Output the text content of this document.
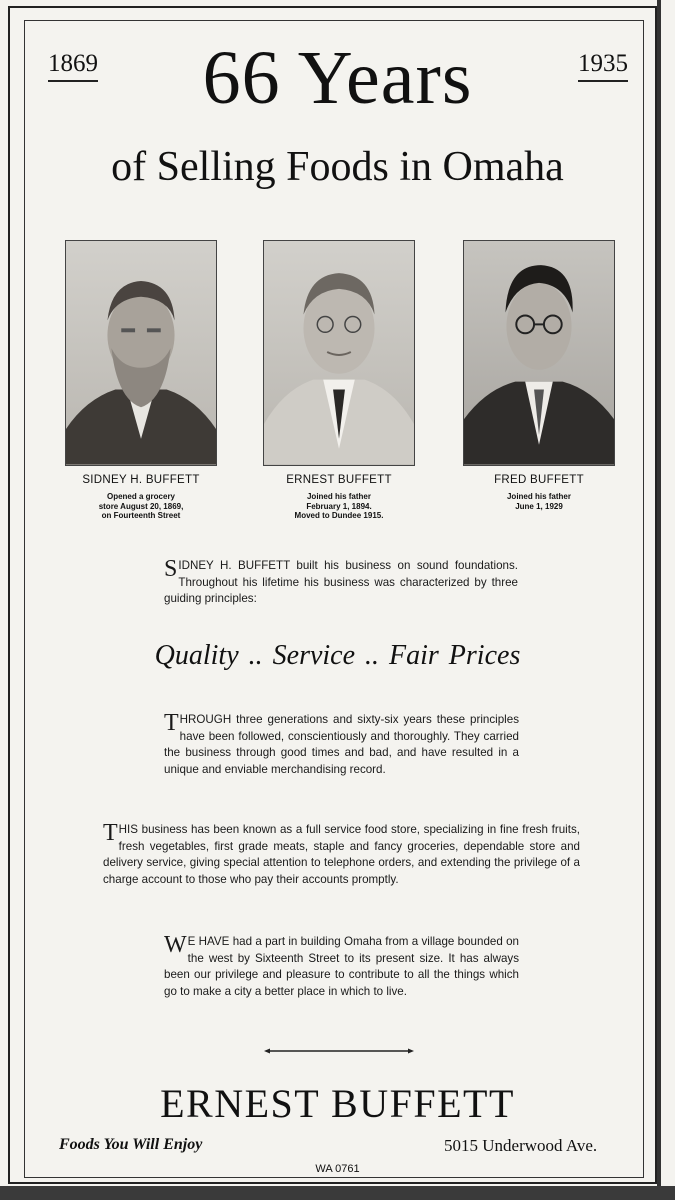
1869	1935
66 Years
of Selling Foods in Omaha
SIDNEY H. BUFFETT
Opened a grocery
store August 20, 1869,
on Fourteenth Street
ERNEST BUFFETT
Joined his father
February 1, 1894.
Moved to Dundee 1915.
FRED BUFFETT
Joined his father
June 1, 1929
SIDNEY H. BUFFETT built his business on sound foundations. Throughout his lifetime his business was characterized by three guiding principles:
Quality .. Service .. Fair Prices
THROUGH three generations and sixty-six years these principles have been followed, conscientiously and thoroughly. They carried the business through good times and bad, and have resulted in a unique and enviable merchandising record.
THIS business has been known as a full service food store, specializing in fine fresh fruits, fresh vegetables, first grade meats, staple and fancy groceries, dependable store and delivery service, giving special attention to telephone orders, and extending the privilege of a charge account to those who pay their accounts promptly.
W E HAVE had a part in building Omaha from a village bounded on the west by Sixteenth Street to its present size. It has always been our privilege and pleasure to contribute to all the things which go to make a city a better place in which to live.
ERNEST BUFFETT
Foods You Will Enjoy	5015 Underwood Ave.
WA 0761
